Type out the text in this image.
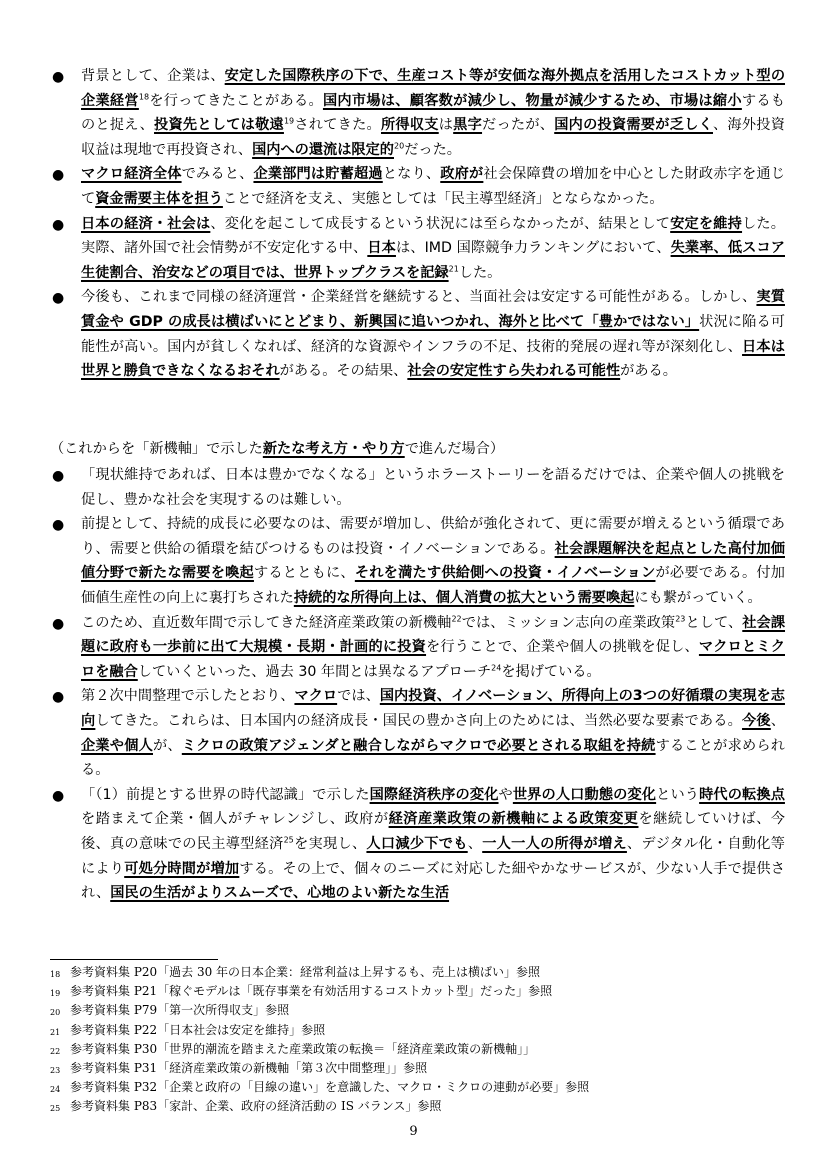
● 背景として、企業は、安定した国際秩序の下で、生産コスト等が安価な海外拠点を活用したコストカット型の企業経営$^{18}$を行ってきたことがある。国内市場は、顧客数が減少し、物量が減少するため、市場は縮小するものと捉え、投資先としては敬遠$^{19}$されてきた。所得収支は黒字だったが、国内の投資需要が乏しく、海外投資収益は現地で再投資され、国内への還流は限定的$^{20}$だった。
● マクロ経済全体でみると、企業部門は貯蓄超過となり、政府が社会保障費の増加を中心とした財政赤字を通じて資金需要主体を担うことで経済を支え、実態としては「民主導型経済」とならなかった。
● 日本の経済・社会は、変化を起こして成長するという状況には至らなかったが、結果として安定を維持した。実際、諸外国で社会情勢が不安定化する中、日本は、IMD 国際競争力ランキングにおいて、失業率、低スコア生徒割合、治安などの項目では、世界トップクラスを記録$^{21}$した。
● 今後も、これまで同様の経済運営・企業経営を継続すると、当面社会は安定する可能性がある。しかし、実質賃金や GDP の成長は横ばいにとどまり、新興国に追いつかれ、海外と比べて「豊かではない」状況に陥る可能性が高い。国内が貧しくなれば、経済的な資源やインフラの不足、技術的発展の遅れ等が深刻化し、日本は世界と勝負できなくなるおそれがある。その結果、社会の安定性すら失われる可能性がある。
（これからを「新機軸」で示した新たな考え方・やり方で進んだ場合）
● 「現状維持であれば、日本は豊かでなくなる」というホラーストーリーを語るだけでは、企業や個人の挑戦を促し、豊かな社会を実現するのは難しい。
● 前提として、持続的成長に必要なのは、需要が増加し、供給が強化されて、更に需要が増えるという循環であり、需要と供給の循環を結びつけるものは投資・イノベーションである。社会課題解決を起点とした高付加価値分野で新たな需要を喚起するとともに、それを満たす供給側への投資・イノベーションが必要である。付加価値生産性の向上に裏打ちされた持続的な所得向上は、個人消費の拡大という需要喚起にも繋がっていく。
● このため、直近数年間で示してきた経済産業政策の新機軸$^{22}$では、ミッション志向の産業政策$^{23}$として、社会課題に政府も一歩前に出て大規模・長期・計画的に投資を行うことで、企業や個人の挑戦を促し、マクロとミクロを融合していくといった、過去 30 年間とは異なるアプローチ$^{24}$を掲げている。
● 第２次中間整理で示したとおり、マクロでは、国内投資、イノベーション、所得向上の3つの好循環の実現を志向してきた。これらは、日本国内の経済成長・国民の豊かさ向上のためには、当然必要な要素である。今後、企業や個人が、ミクロの政策アジェンダと融合しながらマクロで必要とされる取組を持続することが求められる。
● 「（1）前提とする世界の時代認識」で示した国際経済秩序の変化や世界の人口動態の変化という時代の転換点を踏まえて企業・個人がチャレンジし、政府が経済産業政策の新機軸による政策変更を継続していけば、今後、真の意味での民主導型経済$^{25}$を実現し、人口減少下でも、一人一人の所得が増え、デジタル化・自動化等により可処分時間が増加する。その上で、個々のニーズに対応した細やかなサービスが、少ない人手で提供され、国民の生活がよりスムーズで、心地のよい新たな生活
18 参考資料集 P20「過去 30 年の日本企業：経常利益は上昇するも、売上は横ばい」参照
19 参考資料集 P21「稼ぐモデルは「既存事業を有効活用するコストカット型」だった」参照
20 参考資料集 P79「第一次所得収支」参照
21 参考資料集 P22「日本社会は安定を維持」参照
22 参考資料集 P30「世界的潮流を踏まえた産業政策の転換＝「経済産業政策の新機軸」」
23 参考資料集 P31「経済産業政策の新機軸「第３次中間整理」」参照
24 参考資料集 P32「企業と政府の「目線の違い」を意識した、マクロ・ミクロの連動が必要」参照
25 参考資料集 P83「家計、企業、政府の経済活動の IS バランス」参照
9
